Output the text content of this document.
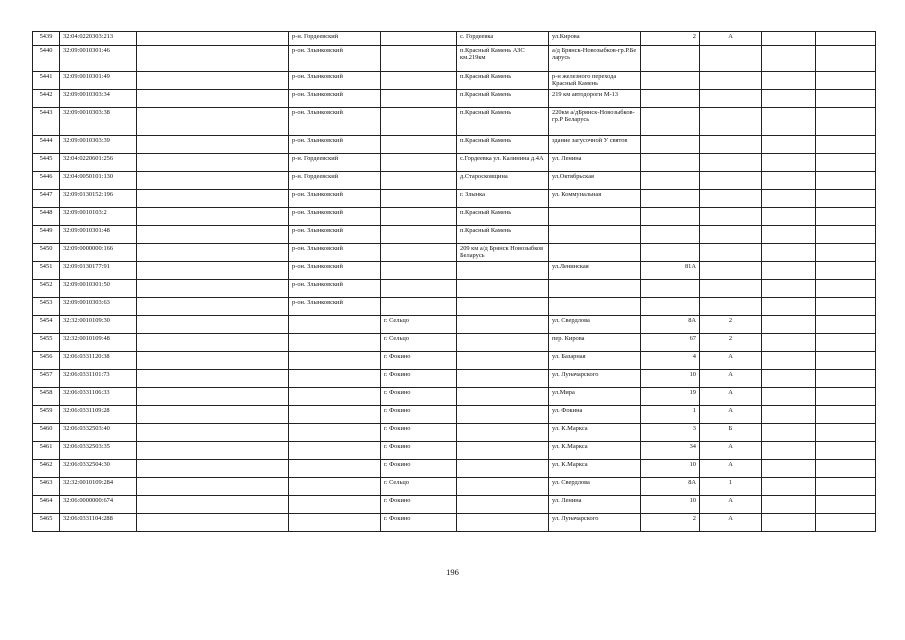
5439	32:04:0220303:213		р-н. Гордеевский		с. Гордеевка	ул.Кирова	2	А		
5440	32:09:0010301:46		р-он. Злынковский		п.Красный Камень АЗС км.219км	а/д Брянск-Новозыбков-гр.Р.Бе ларусь				
5441	32:09:0010301:49		р-он. Злынковский		п.Красный Камень	р-н железного перехода Красный Камень				
5442	32:09:0010303:34		р-он. Злынковский		п.Красный Камень	219 км автодороги М-13				
5443	32:09:0010303:38		р-он. Злынковский		п.Красный Камень	220км а/дБрянск-Новозыбков-гр.Р Беларусь				
5444	32:09:0010303:39		р-он. Злынковский		п.Красный Камень	здание загусочной У святов				
5445	32:04:0220601:256		р-н. Гордеевский		с.Гордеевка ул. Калинина д.4А	ул. Ленина				
5446	32:04:0050101:130		р-н. Гордеевский		д.Старосковщина	ул.Октябрьская				
5447	32:09:0130152:196		р-он. Злынковский		г. Злынка	ул. Коммунальная				
5448	32:09:0010103:2		р-он. Злынковский		п.Красный Камень					
5449	32:09:0010301:48		р-он. Злынковский		п.Красный Камень					
5450	32:09:0000000:166		р-он. Злынковский		209 км а/д Брянск Новозыбков Беларусь					
5451	32:09:0130177:91		р-он. Злынковский			ул.Ленинская	81А			
5452	32:09:0010301:50		р-он. Злынковский							
5453	32:09:0010303:63		р-он. Злынковский							
5454	32:32:0010109:30			г. Сельцо		ул. Свердлова	8А	2		
5455	32:32:0010109:48			г. Сельцо		пер. Кирова	67	2		
5456	32:06:0331120:38			г. Фокино		ул. Базарная	4	А		
5457	32:06:0331101:73			г. Фокино		ул. Луначарского	10	А		
5458	32:06:0331106:33			г. Фокино		ул.Мира	19	А		
5459	32:06:0331109:28			г. Фокино		ул. Фокина	1	А		
5460	32:06:0332503:40			г. Фокино		ул. К.Маркса	3	Б		
5461	32:06:0332503:35			г. Фокино		ул. К.Маркса	34	А		
5462	32:06:0332504:30			г. Фокино		ул. К.Маркса	10	А		
5463	32:32:0010109:284			г. Сельцо		ул. Свердлова	8А	1		
5464	32:06:0000000:674			г. Фокино		ул. Ленина	10	А		
5465	32:06:0331104:288			г. Фокино		ул. Луначарского	2	А		
196
